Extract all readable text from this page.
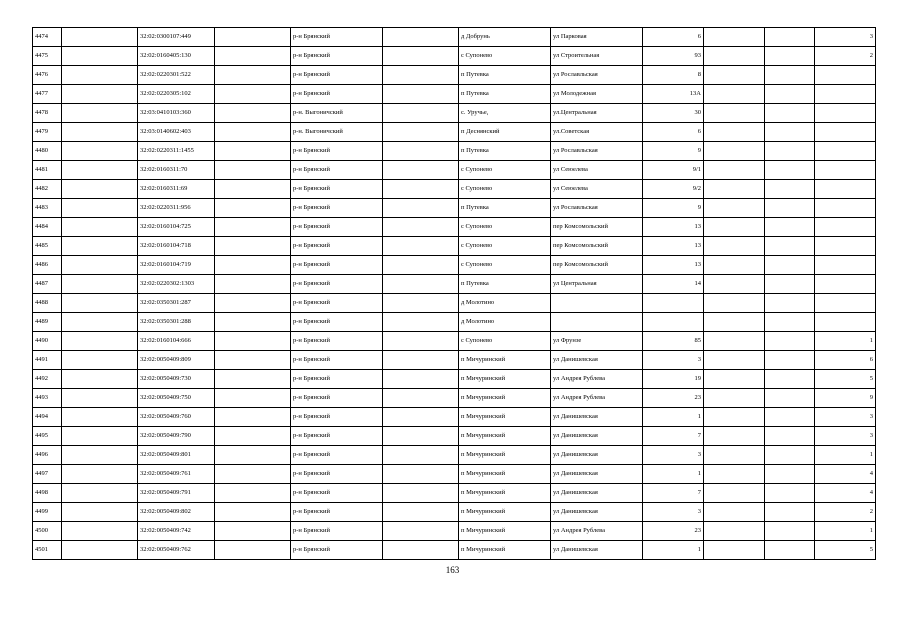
4474		32:02:0300107:449		р-н Брянский		д Добрунь	ул Парковая	6			3
4475		32:02:0160405:130		р-н Брянский		с Супонево	ул Строительная	93			2
4476		32:02:0220301:522		р-н Брянский		п Путевка	ул Рославльская	8			
4477		32:02:0220305:102		р-н Брянский		п Путевка	ул Молодежная	13А			
4478		32:03:0410103:360		р-н. Выгоничский		с. Уручье,	ул.Центральная	30			
4479		32:03:0140602:403		р-н. Выгоничский		п Деснянский	ул.Советская	6			
4480		32:02:0220311:1455		р-н Брянский		п Путевка	ул Рославльская	9			
4481		32:02:0160311:70		р-н Брянский		с Супонево	ул Сеюелева	9/1			
4482		32:02:0160311:69		р-н Брянский		с Супонево	ул Сеюелева	9/2			
4483		32:02:0220311:956		р-н Брянский		п Путевка	ул Рославльская	9			
4484		32:02:0160104:725		р-н Брянский		с Супонево	пер Комсомольский	13			
4485		32:02:0160104:718		р-н Брянский		с Супонево	пер Комсомольский	13			
4486		32:02:0160104:719		р-н Брянский		с Супонево	пер Комсомольский	13			
4487		32:02:0220302:1303		р-н Брянский		п Путевка	ул Центральная	14			
4488		32:02:0350301:287		р-н Брянский		д Молотино					
4489		32:02:0350301:288		р-н Брянский		д Молотино					
4490		32:02:0160104:666		р-н Брянский		с Супонево	ул Фрунзе	85			1
4491		32:02:0050409:809		р-н Брянский		п Мичуринский	ул Данишевская	3			6
4492		32:02:0050409:730		р-н Брянский		п Мичуринский	ул Андрея Рублева	19			5
4493		32:02:0050409:750		р-н Брянский		п Мичуринский	ул Андрея Рублева	23			9
4494		32:02:0050409:760		р-н Брянский		п Мичуринский	ул Данишевская	1			3
4495		32:02:0050409:790		р-н Брянский		п Мичуринский	ул Данишевская	7			3
4496		32:02:0050409:801		р-н Брянский		п Мичуринский	ул Данишевская	3			1
4497		32:02:0050409:761		р-н Брянский		п Мичуринский	ул Данишевская	1			4
4498		32:02:0050409:791		р-н Брянский		п Мичуринский	ул Данишевская	7			4
4499		32:02:0050409:802		р-н Брянский		п Мичуринский	ул Данишевская	3			2
4500		32:02:0050409:742		р-н Брянский		п Мичуринский	ул Андрея Рублева	23			1
4501		32:02:0050409:762		р-н Брянский		п Мичуринский	ул Данишевская	1			5
163
